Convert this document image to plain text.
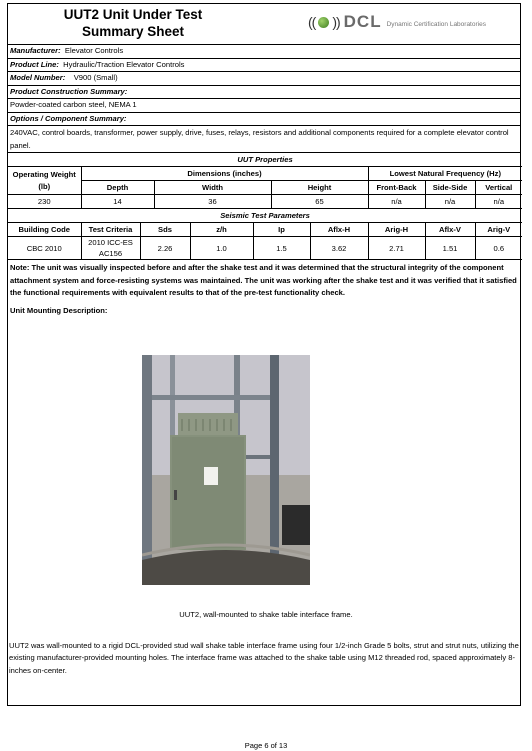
UUT2 Unit Under Test
Summary Sheet
(( )) DCL Dynamic Certification Laboratories
Manufacturer: Elevator Controls
Product Line: Hydraulic/Traction Elevator Controls
Model Number: V900 (Small)
Product Construction Summary:
Powder-coated carbon steel, NEMA 1
Options / Component Summary:
240VAC, control boards, transformer, power supply, drive, fuses, relays, resistors and additional components required for a complete elevator control panel.
UUT Properties						
Operating Weight (lb)	Dimensions (inches)			Lowest Natural Frequency (Hz)		
	Depth	Width	Height	Front-Back	Side-Side	Vertical
230	14	36	65	n/a	n/a	n/a
Seismic Test Parameters								
Building Code	Test Criteria	Sds	z/h	Ip	Aflx-H	Arig-H	Aflx-V	Arig-V
CBC 2010	2010 ICC-ES AC156	2.26	1.0	1.5	3.62	2.71	1.51	0.6
Note: The unit was visually inspected before and after the shake test and it was determined that the structural integrity of the component attachment system and force-resisting systems was maintained. The unit was working after the shake test and it was verified that it satisfied the functional requirements with equivalent results to that of the pre-test functionality check.
Unit Mounting Description:
UUT2, wall-mounted to shake table interface frame.
UUT2 was wall-mounted to a rigid DCL-provided stud wall shake table interface frame using four 1/2-inch Grade 5 bolts, strut and strut nuts, utilizing the existing manufacturer-provided mounting holes. The interface frame was attached to the shake table using M12 threaded rod, spaced approximately 8-inches on-center.
Page 6 of 13
